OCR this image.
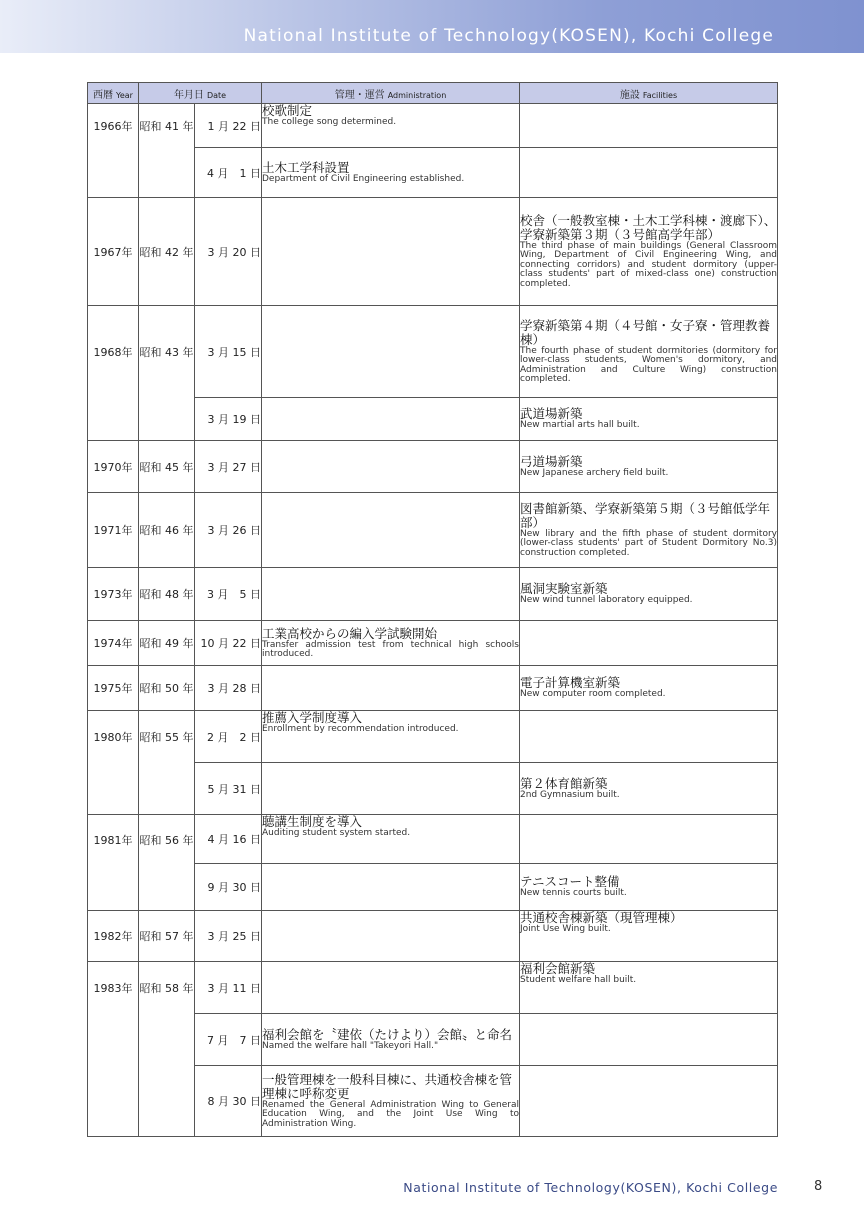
National Institute of Technology(KOSEN), Kochi College
西暦 Year	年月日 Date		管理・運営 Administration	施設 Facilities
1966年	昭和 41 年	1 月 22 日	校歌制定
The college song determined.	

		4 月　1 日	土木工学科設置
Department of Civil Engineering established.	

1967年	昭和 42 年	3 月 20 日		校舎（一般教室棟・土木工学科棟・渡廊下）、学寮新築第３期（３号館高学年部）
The third phase of main buildings (General Classroom Wing, Department of Civil Engineering Wing, and connecting corridors) and student dormitory (upper-class students' part of mixed-class one) construction completed.

1968年	昭和 43 年	3 月 15 日		学寮新築第４期（４号館・女子寮・管理教養棟）
The fourth phase of student dormitories (dormitory for lower-class students, Women's dormitory, and Administration and Culture Wing) construction completed.

		3 月 19 日		武道場新築
New martial arts hall built.

1970年	昭和 45 年	3 月 27 日		弓道場新築
New Japanese archery field built.

1971年	昭和 46 年	3 月 26 日		図書館新築、学寮新築第５期（３号館低学年部）
New library and the fifth phase of student dormitory (lower-class students' part of Student Dormitory No.3) construction completed.

1973年	昭和 48 年	3 月　5 日		風洞実験室新築
New wind tunnel laboratory equipped.

1974年	昭和 49 年	10 月 22 日	工業高校からの編入学試験開始
Transfer admission test from technical high schools introduced.	

1975年	昭和 50 年	3 月 28 日		電子計算機室新築
New computer room completed.

1980年	昭和 55 年	2 月　2 日	推薦入学制度導入
Enrollment by recommendation introduced.	

		5 月 31 日		第２体育館新築
2nd Gymnasium built.

1981年	昭和 56 年	4 月 16 日	聴講生制度を導入
Auditing student system started.	

		9 月 30 日		テニスコート整備
New tennis courts built.

1982年	昭和 57 年	3 月 25 日		共通校舎棟新築（現管理棟）
Joint Use Wing built.

1983年	昭和 58 年	3 月 11 日		福利会館新築
Student welfare hall built.

		7 月　7 日	福利会館を〝建依（たけより）会館〟と命名
Named the welfare hall "Takeyori Hall."	

		8 月 30 日	一般管理棟を一般科目棟に、共通校舎棟を管理棟に呼称変更
Renamed the General Administration Wing to General Education Wing, and the Joint Use Wing to Administration Wing.	

National Institute of Technology(KOSEN), Kochi College	8
